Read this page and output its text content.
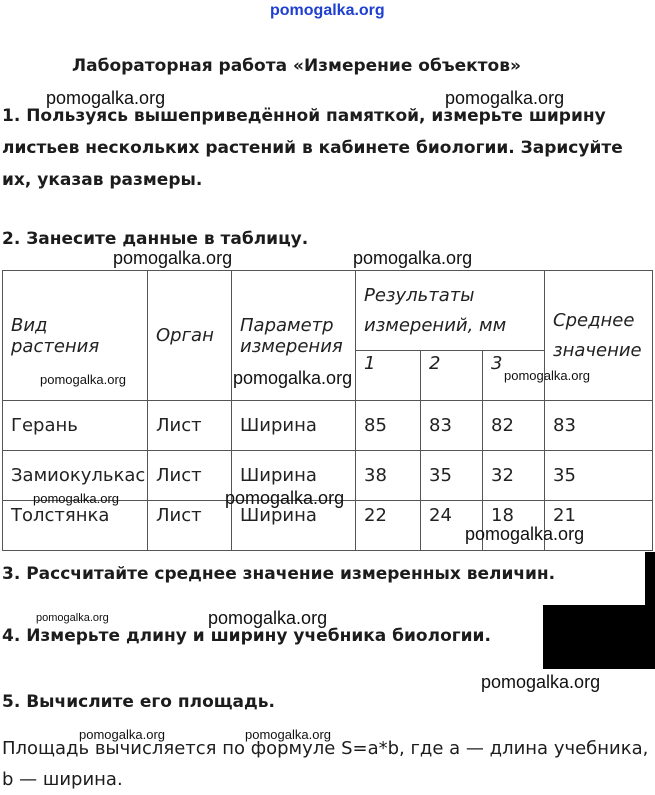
pomogalka.org
pomogalka.org	pomogalka.org
pomogalka.org	pomogalka.org
pomogalka.org	pomogalka.org	pomogalka.org
pomogalka.org	pomogalka.org
pomogalka.org
pomogalka.org	pomogalka.org
pomogalka.org
pomogalka.org	pomogalka.org
Лабораторная работа «Измерение объектов»
1. Пользуясь вышеприведённой памяткой, измерьте ширину листьев нескольких растений в кабинете биологии. Зарисуйте их, указав размеры.
2. Занесите данные в таблицу.
Вид растения	Орган	Параметр измерения	Результаты измерений, мм			Среднее значение
			1	2	3	
Герань	Лист	Ширина	85	83	82	83
Замиокулькас	Лист	Ширина	38	35	32	35
Толстянка	Лист	Ширина	22	24	18	21
3. Рассчитайте среднее значение измеренных величин.
4. Измерьте длину и ширину учебника биологии.
5. Вычислите его площадь.
Площадь вычисляется по формуле S=a*b, где a — длина учебника, b — ширина.
